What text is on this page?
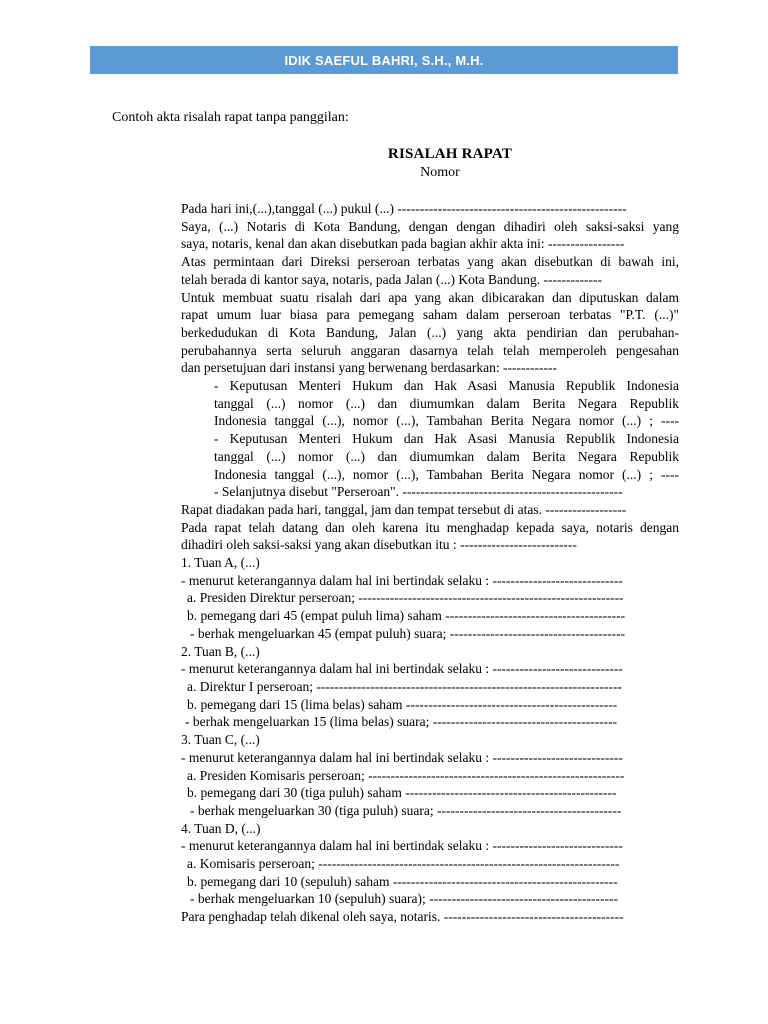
IDIK SAEFUL BAHRI, S.H., M.H.
Contoh akta risalah rapat tanpa panggilan:
RISALAH RAPAT
Nomor
Pada hari ini,(...),tanggal (...) pukul (...) ---------------------------------------------------
Saya, (...) Notaris di Kota Bandung, dengan dengan dihadiri oleh saksi-saksi yang
saya, notaris, kenal dan akan disebutkan pada bagian akhir akta ini: -----------------
Atas permintaan dari Direksi perseroan terbatas yang akan disebutkan di bawah ini,
telah berada di kantor saya, notaris, pada Jalan (...) Kota Bandung. -------------
Untuk membuat suatu risalah dari apa yang akan dibicarakan dan diputuskan dalam
rapat umum luar biasa para pemegang saham dalam perseroan terbatas "P.T. (...)"
berkedudukan di Kota Bandung, Jalan (...) yang akta pendirian dan perubahan-
perubahannya serta seluruh anggaran dasarnya telah telah memperoleh pengesahan
dan persetujuan dari instansi yang berwenang berdasarkan: ------------
- Keputusan Menteri Hukum dan Hak Asasi Manusia Republik Indonesia
tanggal (...) nomor (...) dan diumumkan dalam Berita Negara Republik
Indonesia tanggal (...), nomor (...), Tambahan Berita Negara nomor (...) ; ----
- Keputusan Menteri Hukum dan Hak Asasi Manusia Republik Indonesia
tanggal (...) nomor (...) dan diumumkan dalam Berita Negara Republik
Indonesia tanggal (...), nomor (...), Tambahan Berita Negara nomor (...) ; ----
- Selanjutnya disebut "Perseroan". -------------------------------------------------
Rapat diadakan pada hari, tanggal, jam dan tempat tersebut di atas. ------------------
Pada rapat telah datang dan oleh karena itu menghadap kepada saya, notaris dengan
dihadiri oleh saksi-saksi yang akan disebutkan itu : --------------------------
1. Tuan A, (...)
- menurut keterangannya dalam hal ini bertindak selaku : -----------------------------
a. Presiden Direktur perseroan; -----------------------------------------------------------
b. pemegang dari 45 (empat puluh lima) saham ----------------------------------------
- berhak mengeluarkan 45 (empat puluh) suara; ---------------------------------------
2. Tuan B, (...)
- menurut keterangannya dalam hal ini bertindak selaku : -----------------------------
a. Direktur I perseroan; --------------------------------------------------------------------
b. pemegang dari 15 (lima belas) saham -----------------------------------------------
- berhak mengeluarkan 15 (lima belas) suara; -----------------------------------------
3. Tuan C, (...)
- menurut keterangannya dalam hal ini bertindak selaku : -----------------------------
a. Presiden Komisaris perseroan; ---------------------------------------------------------
b. pemegang dari 30 (tiga puluh) saham -----------------------------------------------
- berhak mengeluarkan 30 (tiga puluh) suara; -----------------------------------------
4. Tuan D, (...)
- menurut keterangannya dalam hal ini bertindak selaku : -----------------------------
a. Komisaris perseroan; -------------------------------------------------------------------
b. pemegang dari 10 (sepuluh) saham --------------------------------------------------
- berhak mengeluarkan 10 (sepuluh) suara); ------------------------------------------
Para penghadap telah dikenal oleh saya, notaris. ----------------------------------------
